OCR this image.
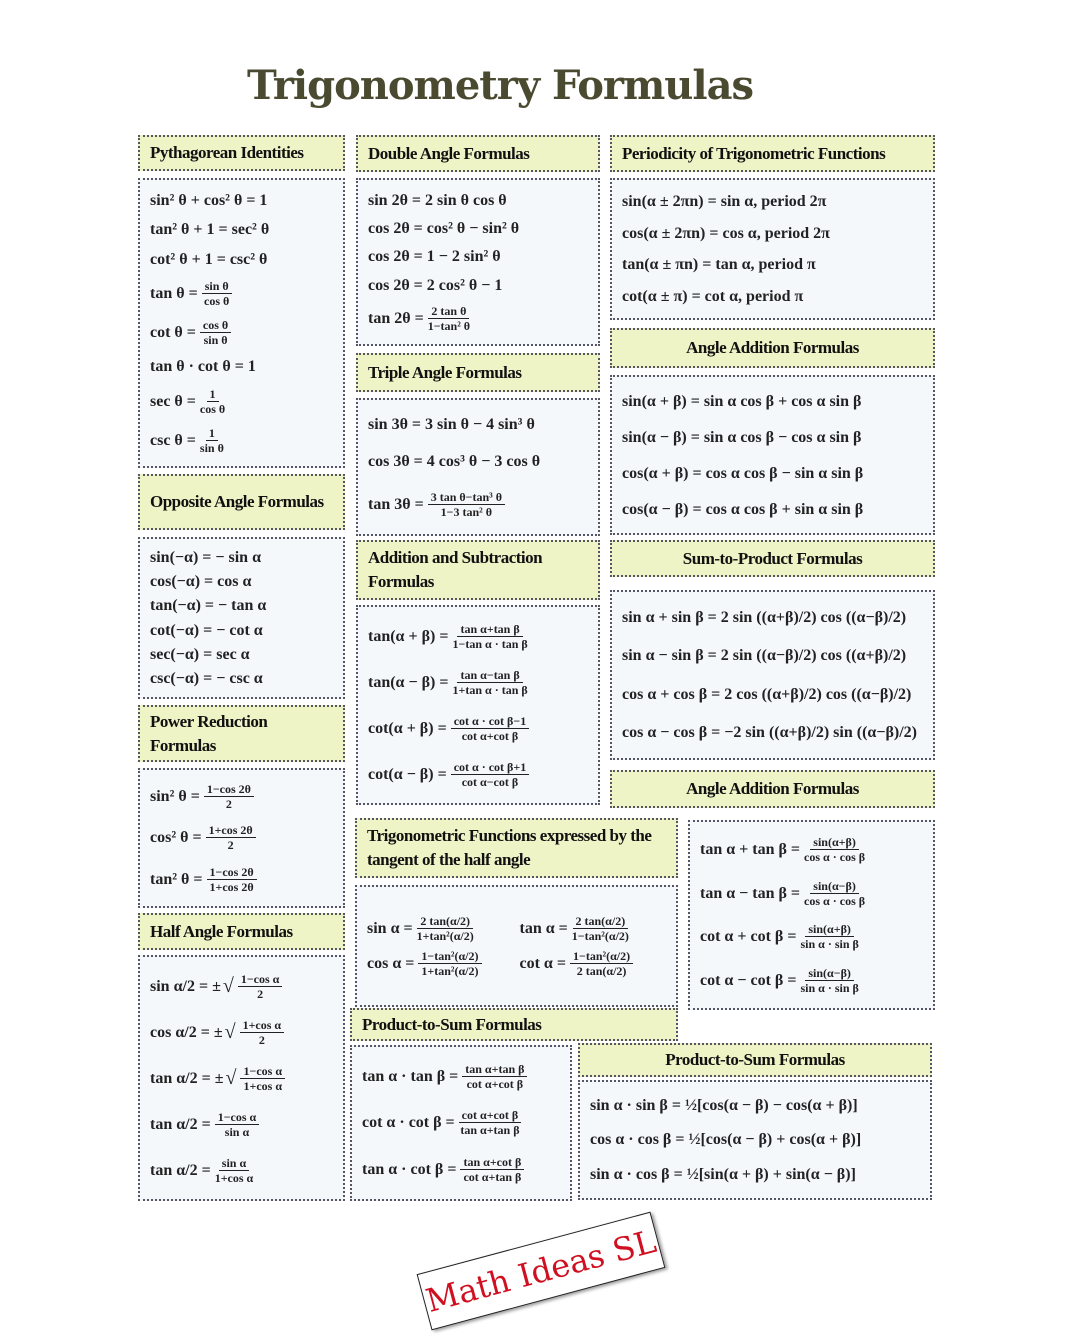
Trigonometry Formulas
Pythagorean Identities
sin² θ + cos² θ = 1
tan² θ + 1 = sec² θ
cot² θ + 1 = csc² θ
$\tan \theta = \frac{\text{sin θ}}{\text{cos θ}}$
$\cot \theta = \frac{\text{cos θ}}{\text{sin θ}}$
tan θ · cot θ = 1
$\sec \theta = \frac{1}{\text{cos θ}}$
$\csc \theta = \frac{1}{\text{sin θ}}$
Opposite Angle Formulas
sin(−α) = − sin α
cos(−α) = cos α
tan(−α) = − tan α
cot(−α) = − cot α
sec(−α) = sec α
csc(−α) = − csc α
Power Reduction Formulas
sin² $\theta = \frac{1-\cos 2\theta}{2}$
cos² $\theta = \frac{1+\cos 2\theta}{2}$
tan² $\theta = \frac{1-\cos 2\theta}{1+\cos 2\theta}$
Half Angle Formulas
sin α/2 = ± √ $\frac{\text{1−cos α}}{2}$
cos α/2 = ± √ $\frac{\text{1+cos α}}{2}$
tan α/2 = ± √ $\frac{\text{1−cos α}}{\text{1+cos α}}$
$\tan \alpha/2 = \frac{\text{1−cos α}}{\text{sin α}}$
$\tan \alpha/2 = \frac{\text{sin α}}{\text{1+cos α}}$
Double Angle Formulas
sin 2θ = 2 sin θ cos θ
cos 2θ = cos² θ − sin² θ
cos 2θ = 1 − 2 sin² θ
cos 2θ = 2 cos² θ − 1
$\tan 2\theta = \frac{\text{2 tan θ}}{\text{1−tan² θ}}$
Triple Angle Formulas
sin 3θ = 3 sin θ − 4 sin³ θ
cos 3θ = 4 cos³ θ − 3 cos θ
$\tan 3\theta = \frac{\text{3 tan θ−tan³ θ}}{\text{1−3 tan² θ}}$
Addition and Subtraction Formulas
$\tan(\alpha + \beta) = \frac{\text{tan α+tan β}}{\text{1−tan α · tan β}}$
$\tan(\alpha - \beta) = \frac{\text{tan α−tan β}}{\text{1+tan α · tan β}}$
$\cot(\alpha + \beta) = \frac{\text{cot α · cot β−1}}{\text{cot α+cot β}}$
$\cot(\alpha - \beta) = \frac{\text{cot α · cot β+1}}{\text{cot α−cot β}}$
Periodicity of Trigonometric Functions
sin(α ± 2πn) = sin α, period 2π
cos(α ± 2πn) = cos α, period 2π
tan(α ± πn) = tan α, period π
cot(α ± π) = cot α, period π
Angle Addition Formulas
sin(α + β) = sin α cos β + cos α sin β
sin(α − β) = sin α cos β − cos α sin β
cos(α + β) = cos α cos β − sin α sin β
cos(α − β) = cos α cos β + sin α sin β
Sum-to-Product Formulas
sin α + sin β = 2 sin ((α+β)/2) cos ((α−β)/2)
sin α − sin β = 2 sin ((α−β)/2) cos ((α+β)/2)
cos α + cos β = 2 cos ((α+β)/2) cos ((α−β)/2)
cos α − cos β = −2 sin ((α+β)/2) sin ((α−β)/2)
Trigonometric Functions expressed by the tangent of the half angle
$\sin \alpha = \frac{2 \tan(\alpha/2)}{\text{1+tan²(α/2)}}$	$\tan \alpha = \frac{2 \tan(\alpha/2)}{\text{1−tan²(α/2)}}$
$\cos \alpha = \frac{\text{1−tan²(α/2)}}{\text{1+tan²(α/2)}}$ $\cot \alpha = \frac{\text{1−tan²(α/2)}}{2 \tan(\alpha/2)}$
Angle Addition Formulas
$\tan \alpha + \tan \beta = \frac{\sin(\alpha+\beta)}{\text{cos α · cos β}}$
$\tan \alpha - \tan \beta = \frac{\sin(\alpha-\beta)}{\text{cos α · cos β}}$
$\cot \alpha + \cot \beta = \frac{\sin(\alpha+\beta)}{\text{sin α · sin β}}$
$\cot \alpha - \cot \beta = \frac{\sin(\alpha-\beta)}{\text{sin α · sin β}}$
Product-to-Sum Formulas
$\tan \alpha \cdot \tan \beta = \frac{\text{tan α+tan β}}{\text{cot α+cot β}}$
$\cot \alpha \cdot \cot \beta = \frac{\text{cot α+cot β}}{\text{tan α+tan β}}$
$\tan \alpha \cdot \cot \beta = \frac{\text{tan α+cot β}}{\text{cot α+tan β}}$
Product-to-Sum Formulas
sin α · sin β = ½[cos(α − β) − cos(α + β)]
cos α · cos β = ½[cos(α − β) + cos(α + β)]
sin α · cos β = ½[sin(α + β) + sin(α − β)]
Math Ideas SL
